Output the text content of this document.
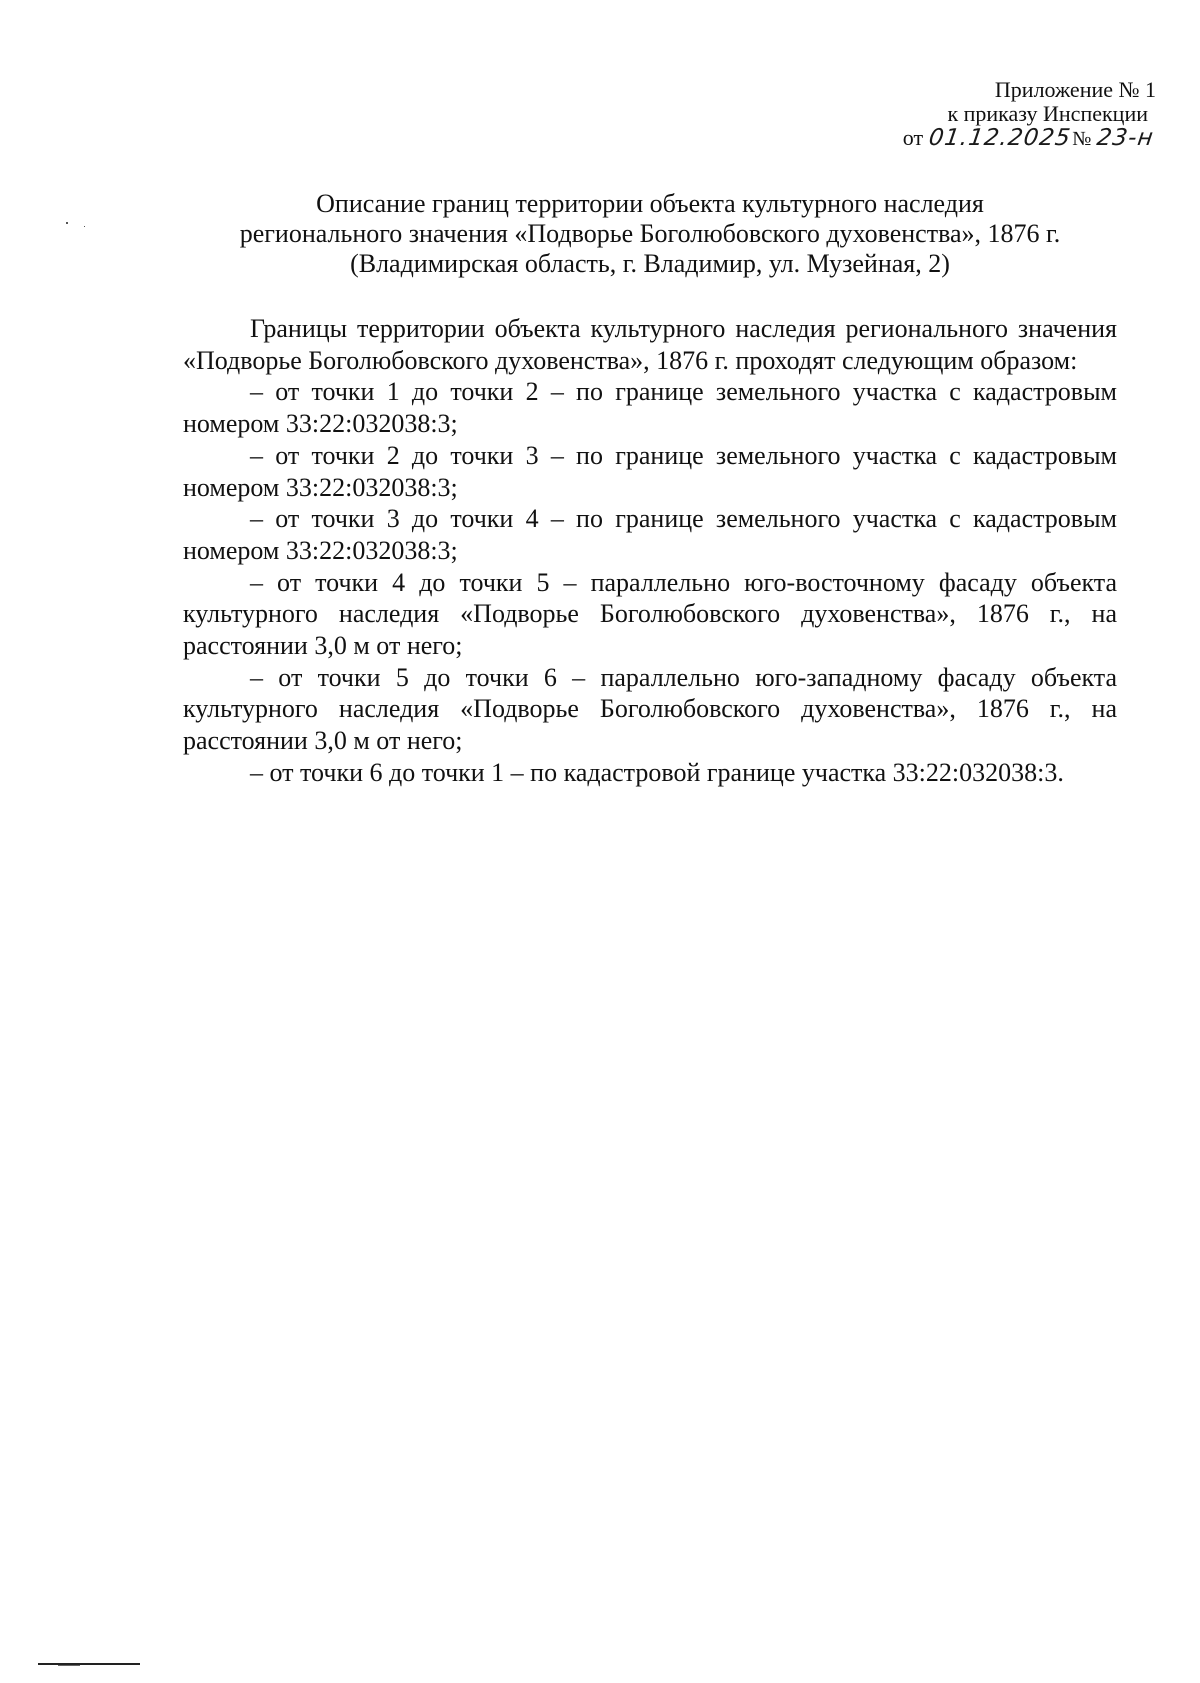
Приложение № 1
к приказу Инспекции
от 01.12.2025№ 23-н
Описание границ территории объекта культурного наследия
регионального значения «Подворье Боголюбовского духовенства», 1876 г.
(Владимирская область, г. Владимир, ул. Музейная, 2)

Границы территории объекта культурного наследия регионального значения «Подворье Боголюбовского духовенства», 1876 г. проходят следующим образом:

– от точки 1 до точки 2 – по границе земельного участка с кадастровым номером 33:22:032038:3;

– от точки 2 до точки 3 – по границе земельного участка с кадастровым номером 33:22:032038:3;

– от точки 3 до точки 4 – по границе земельного участка с кадастровым номером 33:22:032038:3;

– от точки 4 до точки 5 – параллельно юго-восточному фасаду объекта культурного наследия «Подворье Боголюбовского духовенства», 1876 г., на расстоянии 3,0 м от него;

– от точки 5 до точки 6 – параллельно юго-западному фасаду объекта культурного наследия «Подворье Боголюбовского духовенства», 1876 г., на расстоянии 3,0 м от него;

– от точки 6 до точки 1 – по кадастровой границе участка 33:22:032038:3.
